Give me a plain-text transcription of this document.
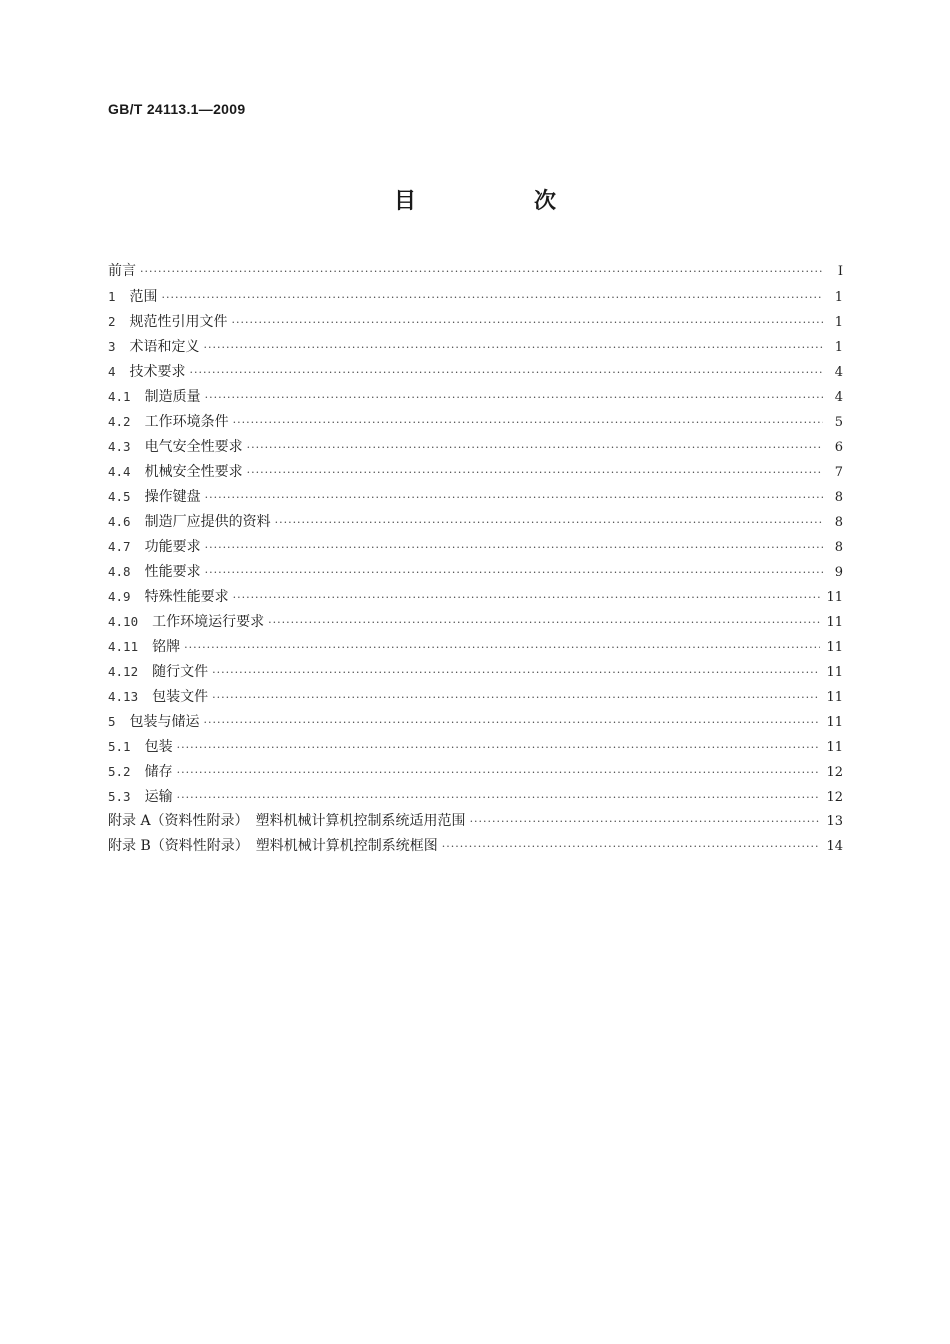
GB/T 24113.1—2009
目　次
前言 ·····	Ⅰ
1　 范围 ·····	1
2　 规范性引用文件 ·····	1
3　 术语和定义 ·····	1
4　 技术要求 ·····	4
4.1　 制造质量 ·····	4
4.2　 工作环境条件 ·····	5
4.3　 电气安全性要求 ·····	6
4.4　 机械安全性要求 ·····	7
4.5　 操作键盘 ·····	8
4.6　 制造厂应提供的资料 ·····	8
4.7　 功能要求 ·····	8
4.8　 性能要求 ·····	9
4.9　 特殊性能要求 ·····	11
4.10　 工作环境运行要求 ·····	11
4.11　 铭牌 ·····	11
4.12　 随行文件 ·····	11
4.13　 包装文件 ·····	11
5　 包装与储运 ·····	11
5.1　 包装 ·····	11
5.2　 储存 ·····	12
5.3　 运输 ·····	12
附录 A（资料性附录）　塑料机械计算机控制系统适用范围 ·····	13
附录 B（资料性附录）　塑料机械计算机控制系统框图 ·····	14
